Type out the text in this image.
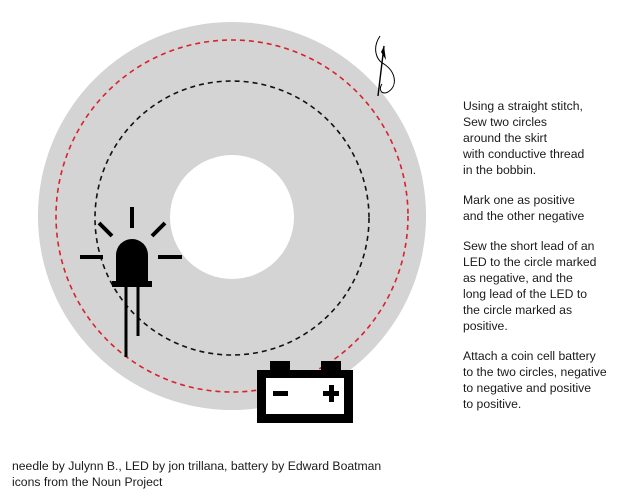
Using a straight stitch,
Sew two circles
around the skirt
with conductive thread
in the bobbin.

Mark one as positive
and the other negative

Sew the short lead of an
LED to the circle marked
as negative, and the
long lead of the LED to
the circle marked as
positive.

Attach a coin cell battery
to the two circles, negative
to negative and positive
to positive.

needle by Julynn B., LED by jon trillana, battery by Edward Boatman
icons from the Noun Project
